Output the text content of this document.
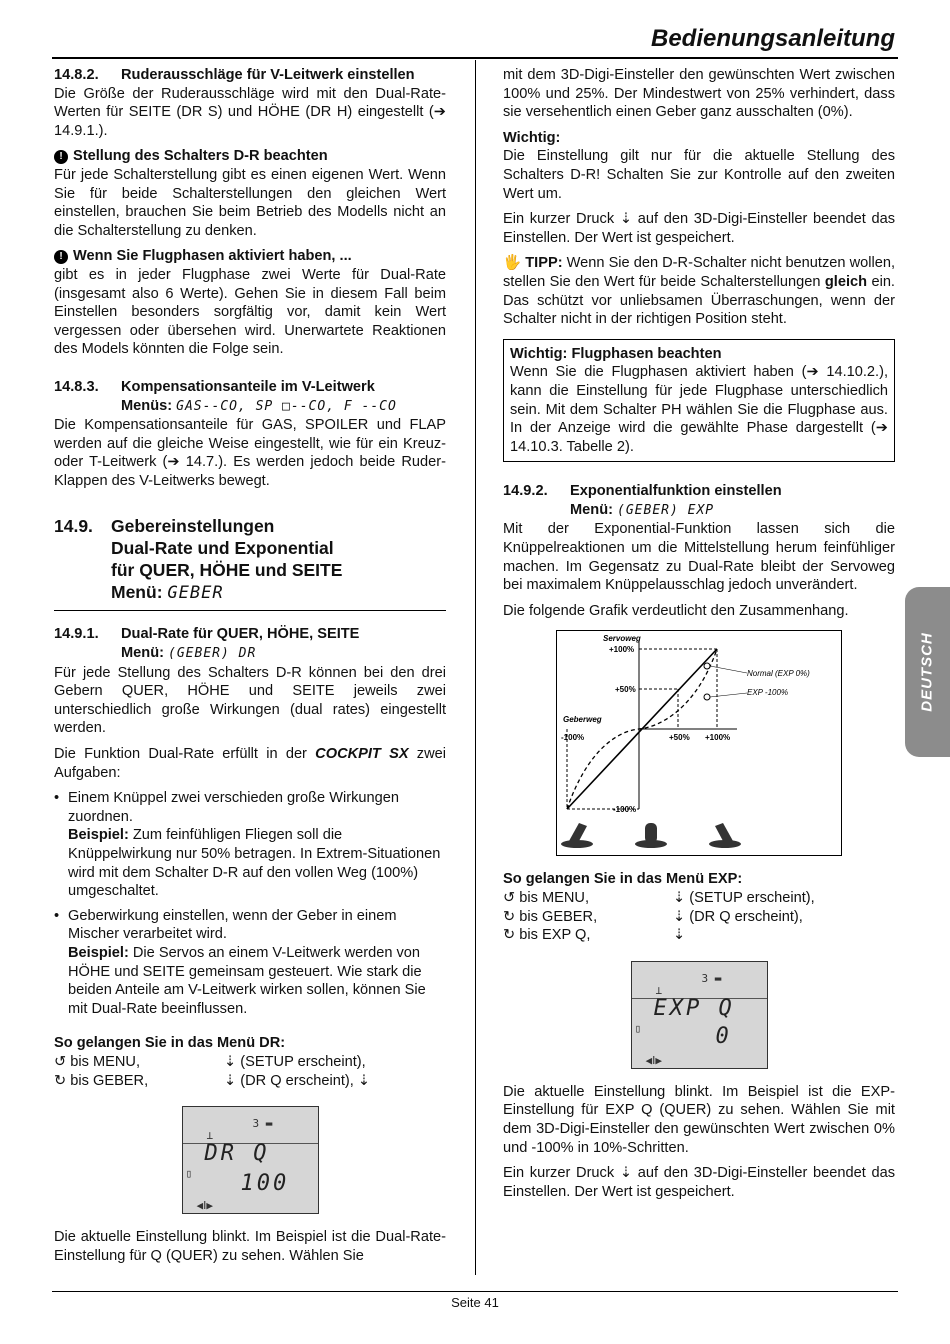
Bedienungsanleitung
14.8.2.	Ruderausschläge für V-Leitwerk einstellen

Die Größe der Ruderausschläge wird mit den Dual-Rate-Werten für SEITE (DR S) und HÖHE (DR H) eingestellt (➔ 14.9.1.).

! Stellung des Schalters D-R beachten

Für jede Schalterstellung gibt es einen eigenen Wert. Wenn Sie für beide Schalterstellungen den gleichen Wert einstellen, brauchen Sie beim Betrieb des Modells nicht an die Schalterstellung zu denken.

! Wenn Sie Flugphasen aktiviert haben, ...

gibt es in jeder Flugphase zwei Werte für Dual-Rate (insgesamt also 6 Werte). Gehen Sie in diesem Fall beim Einstellen besonders sorgfältig vor, damit kein Wert vergessen oder übersehen wird. Unerwartete Reaktionen des Models könnten die Folge sein.

14.8.3.	Kompensationsanteile im V-Leitwerk
Menüs: GAS--CO, SP □--CO, F --CO

Die Kompensationsanteile für GAS, SPOILER und FLAP werden auf die gleiche Weise eingestellt, wie für ein Kreuz- oder T-Leitwerk (➔ 14.7.). Es werden jedoch beide Ruder-Klappen des V-Leitwerks bewegt.

14.9.	Gebereinstellungen
Dual-Rate und Exponential
für QUER, HÖHE und SEITE
Menü: GEBER
14.9.1.	Dual-Rate für QUER, HÖHE, SEITE
Menü: (GEBER) DR

Für jede Stellung des Schalters D-R können bei den drei Gebern QUER, HÖHE und SEITE jeweils zwei unterschiedlich große Wirkungen (dual rates) eingestellt werden.

Die Funktion Dual-Rate erfüllt in der COCKPIT SX zwei Aufgaben:

• Einem Knüppel zwei verschieden große Wirkungen zuordnen.
Beispiel: Zum feinfühligen Fliegen soll die Knüppelwirkung nur 50% betragen. In Extrem-Situationen wird mit dem Schalter D-R auf den vollen Weg (100%) umgeschaltet.
• Geberwirkung einstellen, wenn der Geber in einem Mischer verarbeitet wird.
Beispiel: Die Servos an einem V-Leitwerk werden von HÖHE und SEITE gemeinsam gesteuert. Wie stark die beiden Anteile am V-Leitwerk wirken sollen, können Sie mit Dual-Rate beeinflussen.
So gelangen Sie in das Menü DR:
↺ bis MENU,	⇣ (SETUP erscheint),
↻ bis GEBER,	⇣ (DR Q erscheint), ⇣
⊥
3 ▬
DR Q
▯ 100
◀Ⅰ▶

Die aktuelle Einstellung blinkt. Im Beispiel ist die Dual-Rate-Einstellung für Q (QUER) zu sehen. Wählen Sie

mit dem 3D-Digi-Einsteller den gewünschten Wert zwischen 100% und 25%. Der Mindestwert von 25% verhindert, dass sie versehentlich einen Geber ganz ausschalten (0%).

Wichtig:

Die Einstellung gilt nur für die aktuelle Stellung des Schalters D-R! Schalten Sie zur Kontrolle auf den zweiten Wert um.

Ein kurzer Druck ⇣ auf den 3D-Digi-Einsteller beendet das Einstellen. Der Wert ist gespeichert.

🖐 TIPP: Wenn Sie den D-R-Schalter nicht benutzen wollen, stellen Sie den Wert für beide Schalterstellungen gleich ein. Das schützt vor unliebsamen Überraschungen, wenn der Schalter nicht in der richtigen Position steht.

Wichtig: Flugphasen beachten
Wenn Sie die Flugphasen aktiviert haben (➔ 14.10.2.), kann die Einstellung für jede Flugphase unterschiedlich sein. Mit dem Schalter PH wählen Sie die Flugphase aus. In der Anzeige wird die gewählte Phase dargestellt (➔ 14.10.3. Tabelle 2).
14.9.2.	Exponentialfunktion einstellen
Menü: (GEBER) EXP

Mit der Exponential-Funktion lassen sich die Knüppelreaktionen um die Mittelstellung herum feinfühliger machen. Im Gegensatz zu Dual-Rate bleibt der Servoweg bei maximalem Knüppelausschlag jedoch unverändert.

Die folgende Grafik verdeutlicht den Zusammenhang.

Servoweg
+100%
+50%
Geberweg
-100%	+50% +100%
-100%
Normal (EXP 0%)
EXP -100%
So gelangen Sie in das Menü EXP:
↺ bis MENU,	⇣ (SETUP erscheint),
↻ bis GEBER,	⇣ (DR Q erscheint),
↻ bis EXP Q,	⇣
⊥
3 ▬
EXP Q
▯	0
◀Ⅰ▶

Die aktuelle Einstellung blinkt. Im Beispiel ist die EXP-Einstellung für EXP Q (QUER) zu sehen. Wählen Sie mit dem 3D-Digi-Einsteller den gewünschten Wert zwischen 0% und -100% in 10%-Schritten.

Ein kurzer Druck ⇣ auf den 3D-Digi-Einsteller beendet das Einstellen. Der Wert ist gespeichert.

DEUTSCH
Seite 41
